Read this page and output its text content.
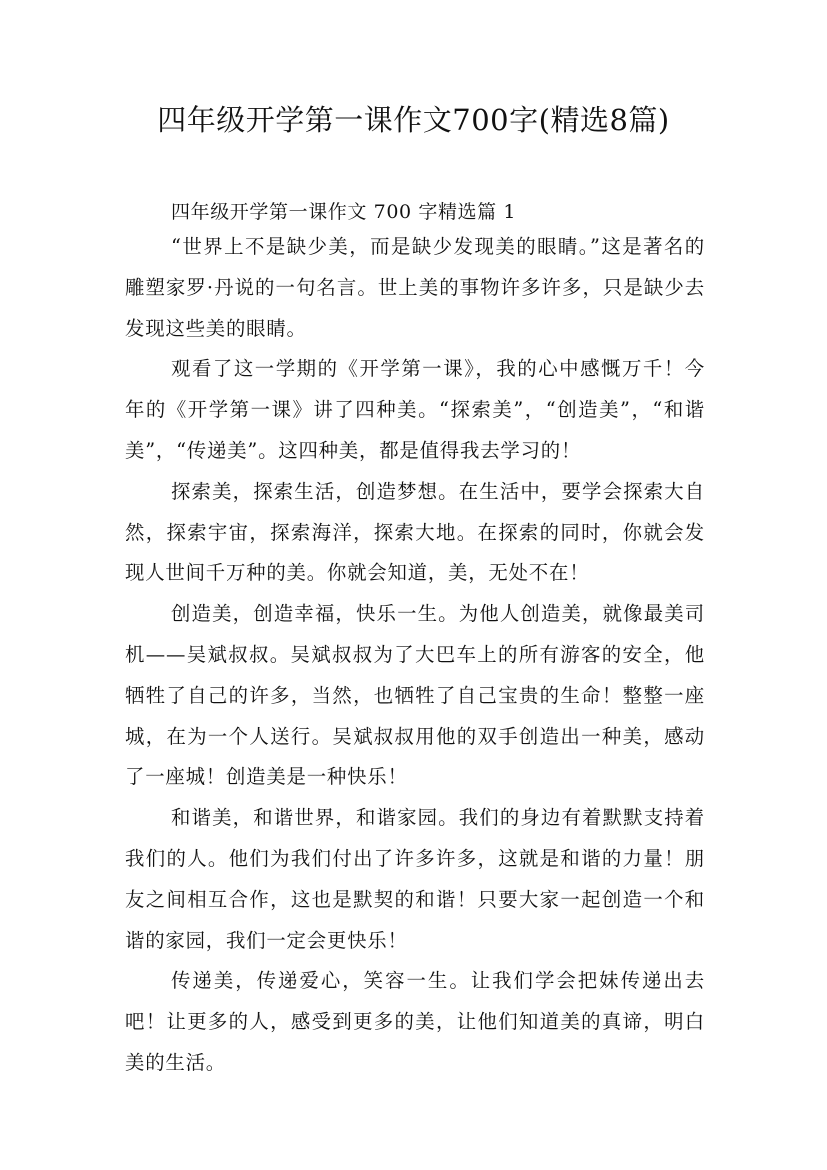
四年级开学第一课作文700字(精选8篇)
四年级开学第一课作文 700 字精选篇 1

“世界上不是缺少美，而是缺少发现美的眼睛。”这是著名的雕塑家罗·丹说的一句名言。世上美的事物许多许多，只是缺少去发现这些美的眼睛。

观看了这一学期的《开学第一课》，我的心中感慨万千！今年的《开学第一课》讲了四种美。“探索美”，“创造美”，“和谐美”，“传递美”。这四种美，都是值得我去学习的！

探索美，探索生活，创造梦想。在生活中，要学会探索大自然，探索宇宙，探索海洋，探索大地。在探索的同时，你就会发现人世间千万种的美。你就会知道，美，无处不在！

创造美，创造幸福，快乐一生。为他人创造美，就像最美司机——吴斌叔叔。吴斌叔叔为了大巴车上的所有游客的安全，他牺牲了自己的许多，当然，也牺牲了自己宝贵的生命！整整一座城，在为一个人送行。吴斌叔叔用他的双手创造出一种美，感动了一座城！创造美是一种快乐！

和谐美，和谐世界，和谐家园。我们的身边有着默默支持着我们的人。他们为我们付出了许多许多，这就是和谐的力量！朋友之间相互合作，这也是默契的和谐！只要大家一起创造一个和谐的家园，我们一定会更快乐！

传递美，传递爱心，笑容一生。让我们学会把妹传递出去吧！让更多的人，感受到更多的美，让他们知道美的真谛，明白美的生活。
